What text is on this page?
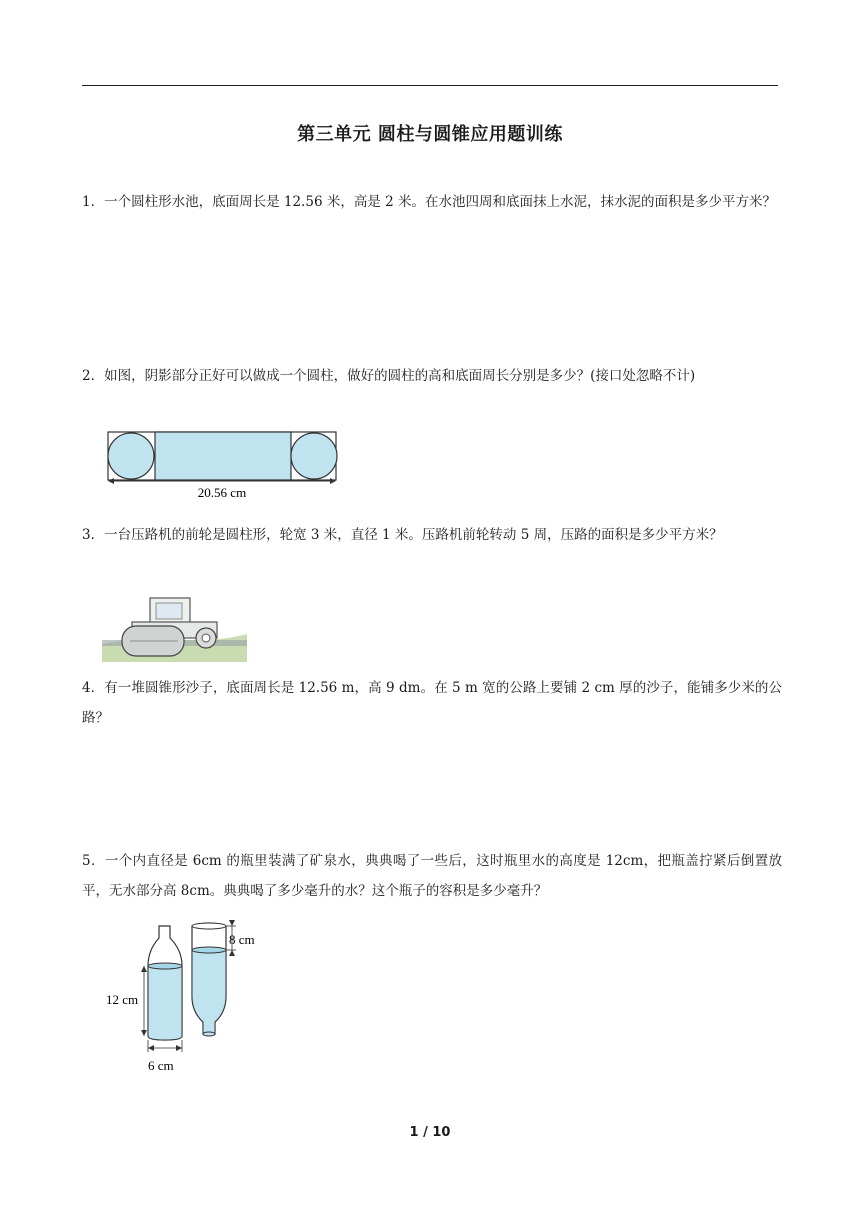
第三单元 圆柱与圆锥应用题训练
1．一个圆柱形水池，底面周长是 12.56 米，高是 2 米。在水池四周和底面抹上水泥，抹水泥的面积是多少平方米？
2．如图，阴影部分正好可以做成一个圆柱，做好的圆柱的高和底面周长分别是多少？(接口处忽略不计)
20.56 cm
3．一台压路机的前轮是圆柱形，轮宽 3 米，直径 1 米。压路机前轮转动 5 周，压路的面积是多少平方米？
4．有一堆圆锥形沙子，底面周长是 12.56 m，高 9 dm。在 5 m 宽的公路上要铺 2 cm 厚的沙子，能铺多少米的公路？
5．一个内直径是 6cm 的瓶里装满了矿泉水，典典喝了一些后，这时瓶里水的高度是 12cm，把瓶盖拧紧后倒置放平，无水部分高 8cm。典典喝了多少毫升的水？这个瓶子的容积是多少毫升？
12 cm
6 cm
8 cm
1 / 10
